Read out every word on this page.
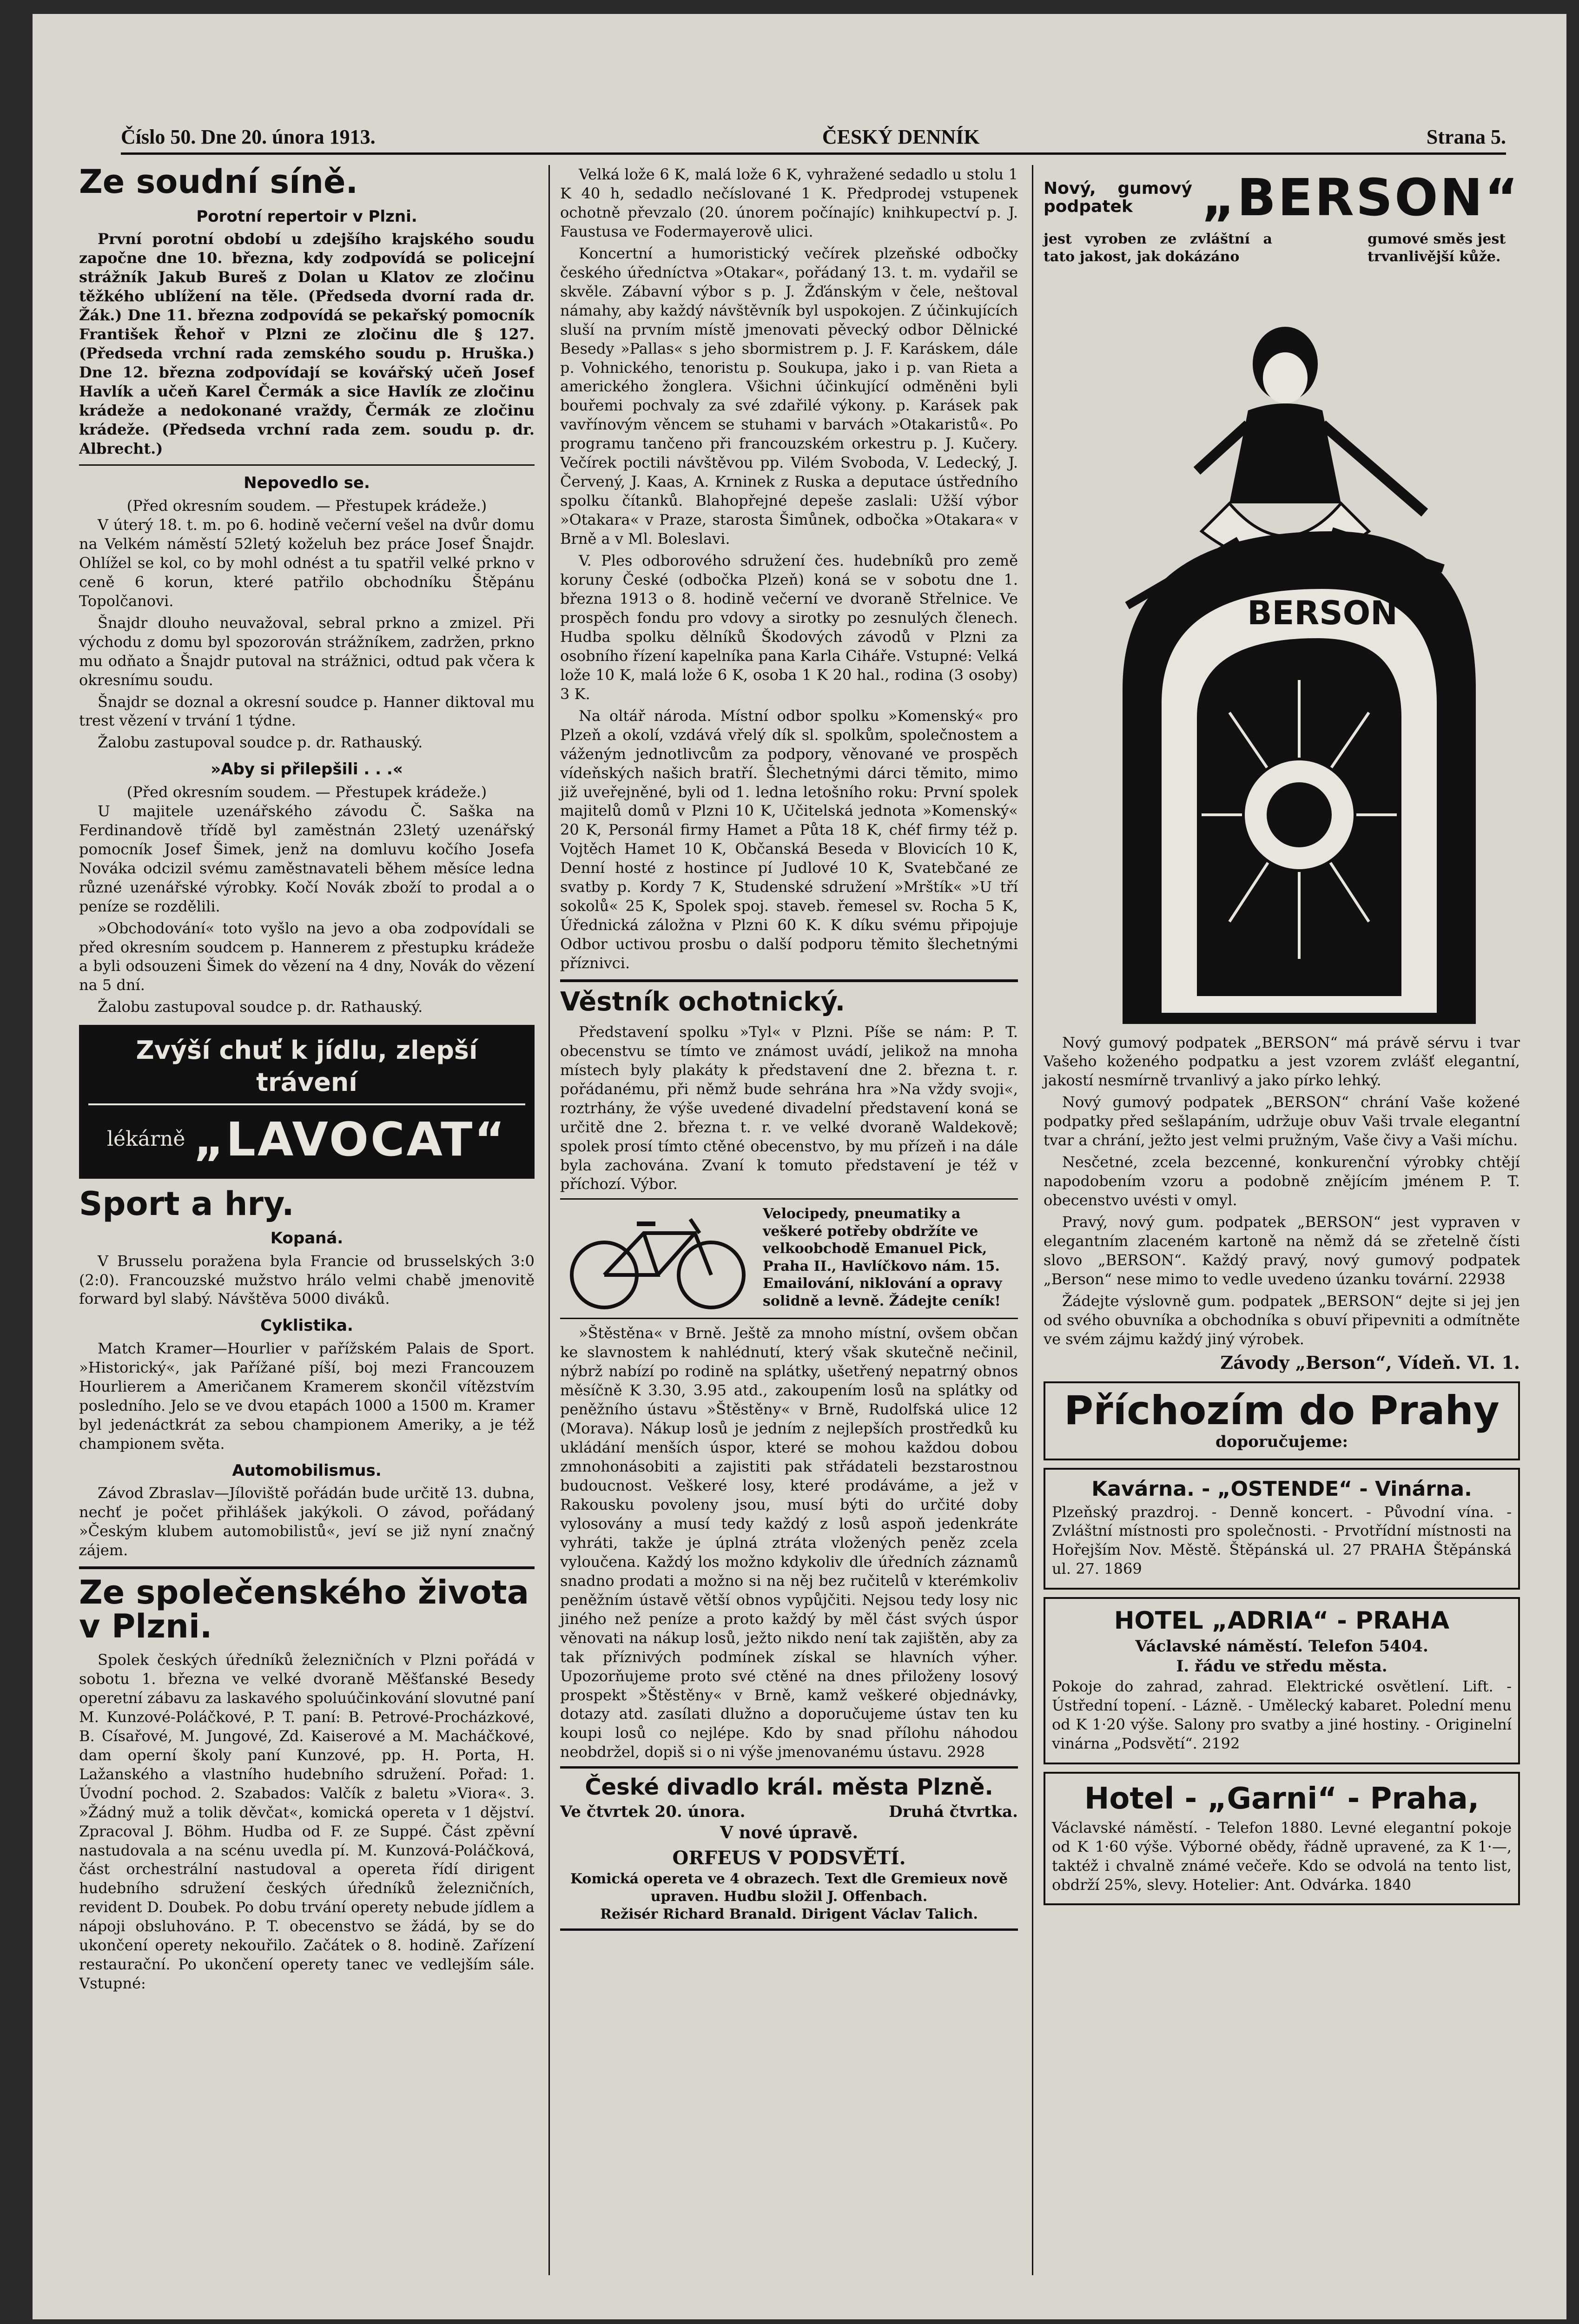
Číslo 50. Dne 20. února 1913.	ČESKÝ DENNÍK	Strana 5.
Ze soudní síně.
Porotní repertoir v Plzni.

První porotní období u zdejšího krajského soudu započne dne 10. března, kdy zodpovídá se policejní strážník Jakub Bureš z Dolan u Klatov ze zločinu těžkého ublížení na těle. (Předseda dvorní rada dr. Žák.) Dne 11. března zodpovídá se pekařský pomocník František Řehoř v Plzni ze zločinu dle § 127. (Předseda vrchní rada zemského soudu p. Hruška.) Dne 12. března zodpovídají se kovářský učeň Josef Havlík a učeň Karel Čermák a sice Havlík ze zločinu krádeže a nedokonané vraždy, Čermák ze zločinu krádeže. (Předseda vrchní rada zem. soudu p. dr. Albrecht.)

Nepovedlo se.
(Před okresním soudem. — Přestupek krádeže.)

V úterý 18. t. m. po 6. hodině večerní vešel na dvůr domu na Velkém náměstí 52letý koželuh bez práce Josef Šnajdr. Ohlížel se kol, co by mohl odnést a tu spatřil velké prkno v ceně 6 korun, které patřilo obchodníku Štěpánu Topolčanovi.

Šnajdr dlouho neuvažoval, sebral prkno a zmizel. Při východu z domu byl spozorován strážníkem, zadržen, prkno mu odňato a Šnajdr putoval na strážnici, odtud pak včera k okresnímu soudu.

Šnajdr se doznal a okresní soudce p. Hanner diktoval mu trest vězení v trvání 1 týdne.

Žalobu zastupoval soudce p. dr. Rathauský.

»Aby si přilepšili . . .«
(Před okresním soudem. — Přestupek krádeže.)

U majitele uzenářského závodu Č. Saška na Ferdinandově třídě byl zaměstnán 23letý uzenářský pomocník Josef Šimek, jenž na domluvu kočího Josefa Nováka odcizil svému zaměstnavateli během měsíce ledna různé uzenářské výrobky. Kočí Novák zboží to prodal a o peníze se rozdělili.

»Obchodování« toto vyšlo na jevo a oba zodpovídali se před okresním soudcem p. Hannerem z přestupku krádeže a byli odsouzeni Šimek do vězení na 4 dny, Novák do vězení na 5 dní.

Žalobu zastupoval soudce p. dr. Rathauský.

Zvýší chuť k jídlu, zlepší trávení
lékárně „LAVOCAT“
Sport a hry.
Kopaná.

V Brusselu poražena byla Francie od brusselských 3:0 (2:0). Francouzské mužstvo hrálo velmi chabě jmenovitě forward byl slabý. Návštěva 5000 diváků.

Cyklistika.

Match Kramer—Hourlier v pařížském Palais de Sport. »Historický«, jak Pařížané píší, boj mezi Francouzem Hourlierem a Američanem Kramerem skončil vítězstvím posledního. Jelo se ve dvou etapách 1000 a 1500 m. Kramer byl jedenáctkrát za sebou championem Ameriky, a je též championem světa.

Automobilismus.

Závod Zbraslav—Jíloviště pořádán bude určitě 13. dubna, nechť je počet přihlášek jakýkoli. O závod, pořádaný »Českým klubem automobilistů«, jeví se již nyní značný zájem.

Ze společenského života v Plzni.

Spolek českých úředníků železničních v Plzni pořádá v sobotu 1. března ve velké dvoraně Měšťanské Besedy operetní zábavu za laskavého spoluúčinkování slovutné paní M. Kunzové-Poláčkové, P. T. paní: B. Petrové-Procházkové, B. Císařové, M. Jungové, Zd. Kaiserové a M. Macháčkové, dam operní školy paní Kunzové, pp. H. Porta, H. Lažanského a vlastního hudebního sdružení. Pořad: 1. Úvodní pochod. 2. Szabados: Valčík z baletu »Viora«. 3. »Žádný muž a tolik děvčat«, komická opereta v 1 dějství. Zpracoval J. Böhm. Hudba od F. ze Suppé. Část zpěvní nastudovala a na scénu uvedla pí. M. Kunzová-Poláčková, část orchestrální nastudoval a opereta řídí dirigent hudebního sdružení českých úředníků železničních, revident D. Doubek. Po dobu trvání operety nebude jídlem a nápoji obsluhováno. P. T. obecenstvo se žádá, by se do ukončení operety nekouřilo. Začátek o 8. hodině. Zařízení restaurační. Po ukončení operety tanec ve vedlejším sále. Vstupné:

Velká lože 6 K, malá lože 6 K, vyhražené sedadlo u stolu 1 K 40 h, sedadlo nečíslované 1 K. Předprodej vstupenek ochotně převzalo (20. únorem počínajíc) knihkupectví p. J. Faustusa ve Fodermayerově ulici.

Koncertní a humoristický večírek plzeňské odbočky českého úředníctva »Otakar«, pořádaný 13. t. m. vydařil se skvěle. Zábavní výbor s p. J. Žďánským v čele, neštoval námahy, aby každý návštěvník byl uspokojen. Z účinkujících sluší na prvním místě jmenovati pěvecký odbor Dělnické Besedy »Pallas« s jeho sbormistrem p. J. F. Karáskem, dále p. Vohnického, tenoristu p. Soukupa, jako i p. van Rieta a amerického žonglera. Všichni účinkující odměněni byli bouřemi pochvaly za své zdařilé výkony. p. Karásek pak vavřínovým věncem se stuhami v barvách »Otakaristů«. Po programu tančeno při francouzském orkestru p. J. Kučery. Večírek poctili návštěvou pp. Vilém Svoboda, V. Ledecký, J. Červený, J. Kaas, A. Krninek z Ruska a deputace ústředního spolku čítanků. Blahopřejné depeše zaslali: Užší výbor »Otakara« v Praze, starosta Šimůnek, odbočka »Otakara« v Brně a v Ml. Boleslavi.

V. Ples odborového sdružení čes. hudebníků pro země koruny České (odbočka Plzeň) koná se v sobotu dne 1. března 1913 o 8. hodině večerní ve dvoraně Střelnice. Ve prospěch fondu pro vdovy a sirotky po zesnulých členech. Hudba spolku dělníků Škodových závodů v Plzni za osobního řízení kapelníka pana Karla Ciháře. Vstupné: Velká lože 10 K, malá lože 6 K, osoba 1 K 20 hal., rodina (3 osoby) 3 K.

Na oltář národa. Místní odbor spolku »Komenský« pro Plzeň a okolí, vzdává vřelý dík sl. spolkům, společnostem a váženým jednotlivcům za podpory, věnované ve prospěch vídeňských našich bratří. Šlechetnými dárci těmito, mimo již uveřejněné, byli od 1. ledna letošního roku: První spolek majitelů domů v Plzni 10 K, Učitelská jednota »Komenský« 20 K, Personál firmy Hamet a Půta 18 K, chéf firmy též p. Vojtěch Hamet 10 K, Občanská Beseda v Blovicích 10 K, Denní hosté z hostince pí Judlové 10 K, Svatebčané ze svatby p. Kordy 7 K, Studenské sdružení »Mrštík« »U tří sokolů« 25 K, Spolek spoj. staveb. řemesel sv. Rocha 5 K, Úřednická záložna v Plzni 60 K. K díku svému připojuje Odbor uctivou prosbu o další podporu těmito šlechetnými příznivci.

Věstník ochotnický.

Představení spolku »Tyl« v Plzni. Píše se nám: P. T. obecenstvu se tímto ve známost uvádí, jelikož na mnoha místech byly plakáty k představení dne 2. března t. r. pořádanému, při němž bude sehrána hra »Na vždy svoji«, roztrhány, že výše uvedené divadelní představení koná se určitě dne 2. března t. r. ve velké dvoraně Waldekově; spolek prosí tímto ctěné obecenstvo, by mu přízeň i na dále byla zachována. Zvaní k tomuto představení je též v příchozí. Výbor.

Velocipedy, pneumatiky a veškeré potřeby obdržíte ve velkoobchodě Emanuel Pick, Praha II., Havlíčkovo nám. 15. Emailování, niklování a opravy solidně a levně. Žádejte ceník!

»Štěstěna« v Brně. Ještě za mnoho místní, ovšem občan ke slavnostem k nahlédnutí, který však skutečně nečinil, nýbrž nabízí po rodině na splátky, ušetřený nepatrný obnos měsíčně K 3.30, 3.95 atd., zakoupením losů na splátky od peněžního ústavu »Štěstěny« v Brně, Rudolfská ulice 12 (Morava). Nákup losů je jedním z nejlepších prostředků ku ukládání menších úspor, které se mohou každou dobou zmnohonásobiti a zajistiti pak střádateli bezstarostnou budoucnost. Veškeré losy, které prodáváme, a jež v Rakousku povoleny jsou, musí býti do určité doby vylosovány a musí tedy každý z losů aspoň jedenkráte vyhráti, takže je úplná ztráta vložených peněz zcela vyloučena. Každý los možno kdykoliv dle úředních záznamů snadno prodati a možno si na něj bez ručitelů v kterémkoliv peněžním ústavě větší obnos vypůjčiti. Nejsou tedy losy nic jiného než peníze a proto každý by měl část svých úspor věnovati na nákup losů, ježto nikdo není tak zajištěn, aby za tak příznivých podmínek získal se hlavních výher. Upozorňujeme proto své ctěné na dnes přiloženy losový prospekt »Štěstěny« v Brně, kamž veškeré objednávky, dotazy atd. zasílati dlužno a doporučujeme ústav ten ku koupi losů co nejlépe. Kdo by snad přílohu náhodou neobdržel, dopiš si o ni výše jmenovanému ústavu. 2928

České divadlo král. města Plzně.
Ve čtvrtek 20. února.	Druhá čtvrtka.
V nové úpravě.
ORFEUS V PODSVĚTÍ.
Komická opereta ve 4 obrazech. Text dle Gremieux nově upraven. Hudbu složil J. Offenbach.
Režisér Richard Branald. Dirigent Václav Talich.
Nový, gumový podpatek	„BERSON“
jest vyroben ze zvláštní a tato jakost, jak dokázáno
gumové směs jest trvanlivější kůže.
BERSON

Nový gumový podpatek „BERSON“ má právě sérvu i tvar Vašeho koženého podpatku a jest vzorem zvlášť elegantní, jakostí nesmírně trvanlivý a jako pírko lehký.

Nový gumový podpatek „BERSON“ chrání Vaše kožené podpatky před sešlapáním, udržuje obuv Vaši trvale elegantní tvar a chrání, ježto jest velmi pružným, Vaše čivy a Vaši míchu.

Nesčetné, zcela bezcenné, konkurenční výrobky chtějí napodobením vzoru a podobně znějícím jménem P. T. obecenstvo uvésti v omyl.

Pravý, nový gum. podpatek „BERSON“ jest vypraven v elegantním zlaceném kartoně na němž dá se zřetelně čísti slovo „BERSON“. Každý pravý, nový gumový podpatek „Berson“ nese mimo to vedle uvedeno úzanku tovární. 22938

Žádejte výslovně gum. podpatek „BERSON“ dejte si jej jen od svého obuvníka a obchodníka s obuví připevniti a odmítněte ve svém zájmu každý jiný výrobek.

Závody „Berson“, Vídeň. VI. 1.
Příchozím do Prahy
doporučujeme:
Kavárna. - „OSTENDE“ - Vinárna.

Plzeňský prazdroj. - Denně koncert. - Původní vína. - Zvláštní místnosti pro společnosti. - Prvotřídní místnosti na Hořejším Nov. Městě. Štěpánská ul. 27 PRAHA Štěpánská ul. 27. 1869

HOTEL „ADRIA“ - PRAHA
Václavské náměstí. Telefon 5404.
I. řádu ve středu města.

Pokoje do zahrad, zahrad. Elektrické osvětlení. Lift. - Ústřední topení. - Lázně. - Umělecký kabaret. Polední menu od K 1·20 výše. Salony pro svatby a jiné hostiny. - Originelní vinárna „Podsvětí“. 2192

Hotel - „Garni“ - Praha,

Václavské náměstí. - Telefon 1880. Levné elegantní pokoje od K 1·60 výše. Výborné obědy, řádně upravené, za K 1·—, taktéž i chvalně známé večeře. Kdo se odvolá na tento list, obdrží 25%, slevy. Hotelier: Ant. Odvárka. 1840
